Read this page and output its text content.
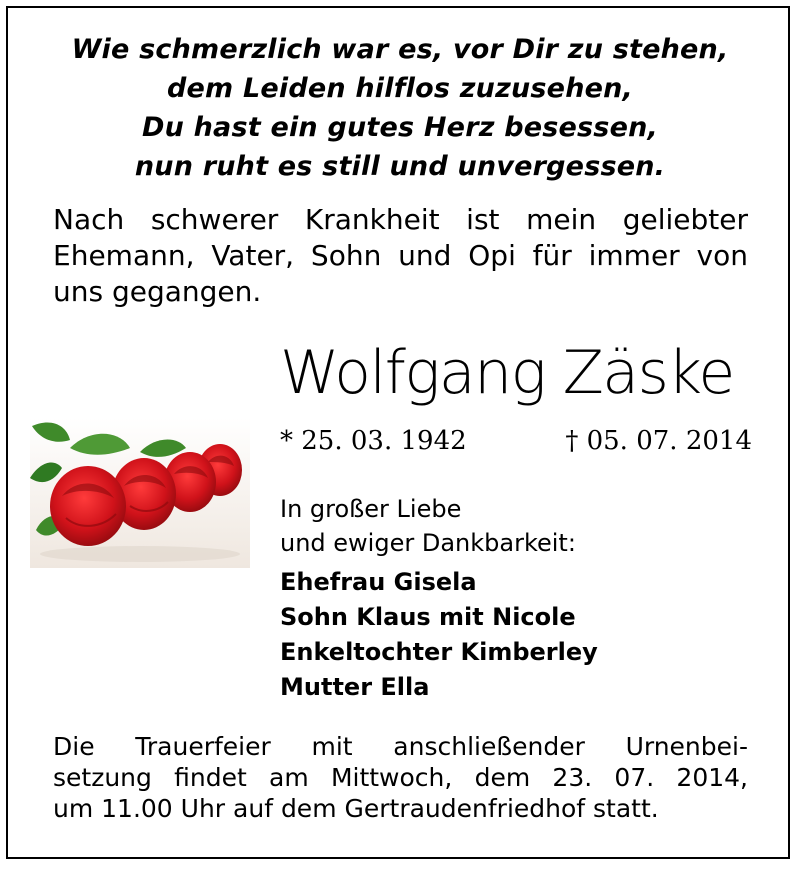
Wie schmerzlich war es, vor Dir zu stehen,
dem Leiden hilflos zuzusehen,
Du hast ein gutes Herz besessen,
nun ruht es still und unvergessen.
Nach schwerer Krankheit ist mein geliebter
Ehemann, Vater, Sohn und Opi für immer von
uns gegangen.
Wolfgang Zäske
* 25. 03. 1942	† 05. 07. 2014
In großer Liebe
und ewiger Dankbarkeit:
Ehefrau Gisela
Sohn Klaus mit Nicole
Enkeltochter Kimberley
Mutter Ella
Die Trauerfeier mit anschließender Urnenbei-
setzung findet am Mittwoch, dem 23. 07. 2014,
um 11.00 Uhr auf dem Gertraudenfriedhof statt.
